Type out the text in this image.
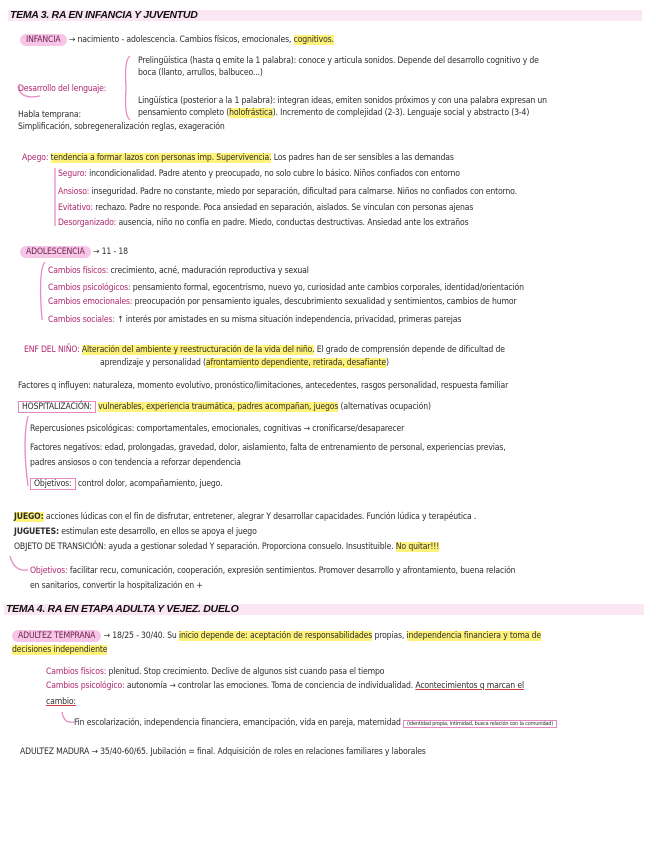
TEMA 3. RA EN INFANCIA Y JUVENTUD
INFANCIA → nacimiento - adolescencia. Cambios físicos, emocionales, cognitivos.
Prelingüística (hasta q emite la 1 palabra): conoce y articula sonidos. Depende del desarrollo cognitivo y de
boca (llanto, arrullos, balbuceo...)
Desarrollo del lenguaje:
Lingüística (posterior a la 1 palabra): integran ideas, emiten sonidos próximos y con una palabra expresan un
pensamiento completo (holofrástica). Incremento de complejidad (2-3). Lenguaje social y abstracto (3-4)
Habla temprana:
Simplificación, sobregeneralización reglas, exageración
Apego: tendencia a formar lazos con personas imp. Supervivencia. Los padres han de ser sensibles a las demandas
Seguro: incondicionalidad. Padre atento y preocupado, no solo cubre lo básico. Niños confiados con entorno
Ansioso: inseguridad. Padre no constante, miedo por separación, dificultad para calmarse. Niños no confiados con entorno.
Evitativo: rechazo. Padre no responde. Poca ansiedad en separación, aislados. Se vinculan con personas ajenas
Desorganizado: ausencia, niño no confía en padre. Miedo, conductas destructivas. Ansiedad ante los extraños
ADOLESCENCIA → 11 - 18
Cambios físicos: crecimiento, acné, maduración reproductiva y sexual
Cambios psicológicos: pensamiento formal, egocentrismo, nuevo yo, curiosidad ante cambios corporales, identidad/orientación
Cambios emocionales: preocupación por pensamiento iguales, descubrimiento sexualidad y sentimientos, cambios de humor
Cambios sociales: ↑ interés por amistades en su misma situación independencia, privacidad, primeras parejas
ENF DEL NIÑO: Alteración del ambiente y reestructuración de la vida del niño. El grado de comprensión depende de dificultad de
aprendizaje y personalidad (afrontamiento dependiente, retirada, desafiante)
Factores q influyen: naturaleza, momento evolutivo, pronóstico/limitaciones, antecedentes, rasgos personalidad, respuesta familiar
HOSPITALIZACIÓN: vulnerables, experiencia traumática, padres acompañan, juegos (alternativas ocupación)
Repercusiones psicológicas: comportamentales, emocionales, cognitivas → cronificarse/desaparecer
Factores negativos: edad, prolongadas, gravedad, dolor, aislamiento, falta de entrenamiento de personal, experiencias previas,
padres ansiosos o con tendencia a reforzar dependencia
Objetivos: control dolor, acompañamiento, juego.
JUEGO: acciones lúdicas con el fin de disfrutar, entretener, alegrar Y desarrollar capacidades. Función lúdica y terapéutica .
JUGUETES: estimulan este desarrollo, en ellos se apoya el juego
OBJETO DE TRANSICIÓN: ayuda a gestionar soledad Y separación. Proporciona consuelo. Insustituible. No quitar!!!
Objetivos: facilitar recu, comunicación, cooperación, expresión sentimientos. Promover desarrollo y afrontamiento, buena relación
en sanitarios, convertir la hospitalización en +
TEMA 4. RA EN ETAPA ADULTA Y VEJEZ. DUELO
ADULTEZ TEMPRANA → 18/25 - 30/40. Su inicio depende de: aceptación de responsabilidades propias, independencia financiera y toma de
decisiones independiente
Cambios físicos: plenitud. Stop crecimiento. Declive de algunos sist cuando pasa el tiempo
Cambios psicológico: autonomía → controlar las emociones. Toma de conciencia de individualidad. Acontecimientos q marcan el
cambio:
Fin escolarización, independencia financiera, emancipación, vida en pareja, maternidad (identidad propia, intimidad, busca relación con la comunidad)
ADULTEZ MADURA → 35/40-60/65. Jubilación = final. Adquisición de roles en relaciones familiares y laborales
